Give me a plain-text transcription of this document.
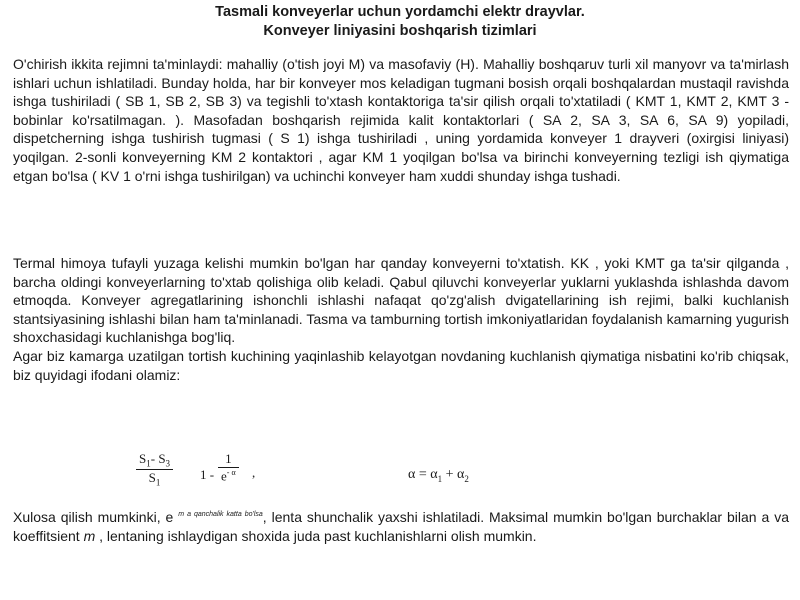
Tasmali konveyerlar uchun yordamchi elektr drayvlar.
Konveyer liniyasini boshqarish tizimlari

O'chirish ikkita rejimni ta'minlaydi: mahalliy (o'tish joyi M) va masofaviy (H). Mahalliy boshqaruv turli xil manyovr va ta'mirlash ishlari uchun ishlatiladi. Bunday holda, har bir konveyer mos keladigan tugmani bosish orqali boshqalardan mustaqil ravishda ishga tushiriladi ( SB 1, SB 2, SB 3) va tegishli to'xtash kontaktoriga ta'sir qilish orqali to'xtatiladi ( KMT 1, KMT 2, KMT 3 - bobinlar ko'rsatilmagan. ). Masofadan boshqarish rejimida kalit kontaktorlari ( SA 2, SA 3, SA 6, SA 9) yopiladi, dispetcherning ishga tushirish tugmasi ( S 1) ishga tushiriladi , uning yordamida konveyer 1 drayveri (oxirgisi liniyasi) yoqilgan. 2-sonli konveyerning KM 2 kontaktori , agar KM 1 yoqilgan bo'lsa va birinchi konveyerning tezligi ish qiymatiga etgan bo'lsa ( KV 1 o'rni ishga tushirilgan) va uchinchi konveyer ham xuddi shunday ishga tushadi.

Termal himoya tufayli yuzaga kelishi mumkin bo'lgan har qanday konveyerni to'xtatish. KK , yoki KMT ga ta'sir qilganda , barcha oldingi konveyerlarning to'xtab qolishiga olib keladi. Qabul qiluvchi konveyerlar yuklarni yuklashda ishlashda davom etmoqda. Konveyer agregatlarining ishonchli ishlashi nafaqat qo'zg'alish dvigatellarining ish rejimi, balki kuchlanish stantsiyasining ishlashi bilan ham ta'minlanadi. Tasma va tamburning tortish imkoniyatlaridan foydalanish kamarning yugurish shoxchasidagi kuchlanishga bog'liq.

Agar biz kamarga uzatilgan tortish kuchining yaqinlashib kelayotgan novdaning kuchlanish qiymatiga nisbatini ko'rib chiqsak, biz quyidagi ifodani olamiz:

$S_1-$ $S_3$
$S_1$
1 -
1
$e^{- \alpha}$ ,	$\alpha = \alpha_1 + \alpha_2$

Xulosa qilish mumkinki, e $^{m a qanchalik katta bo'lsa}$, lenta shunchalik yaxshi ishlatiladi. Maksimal mumkin bo'lgan burchaklar bilan a va koeffitsient m , lentaning ishlaydigan shoxida juda past kuchlanishlarni olish mumkin.
